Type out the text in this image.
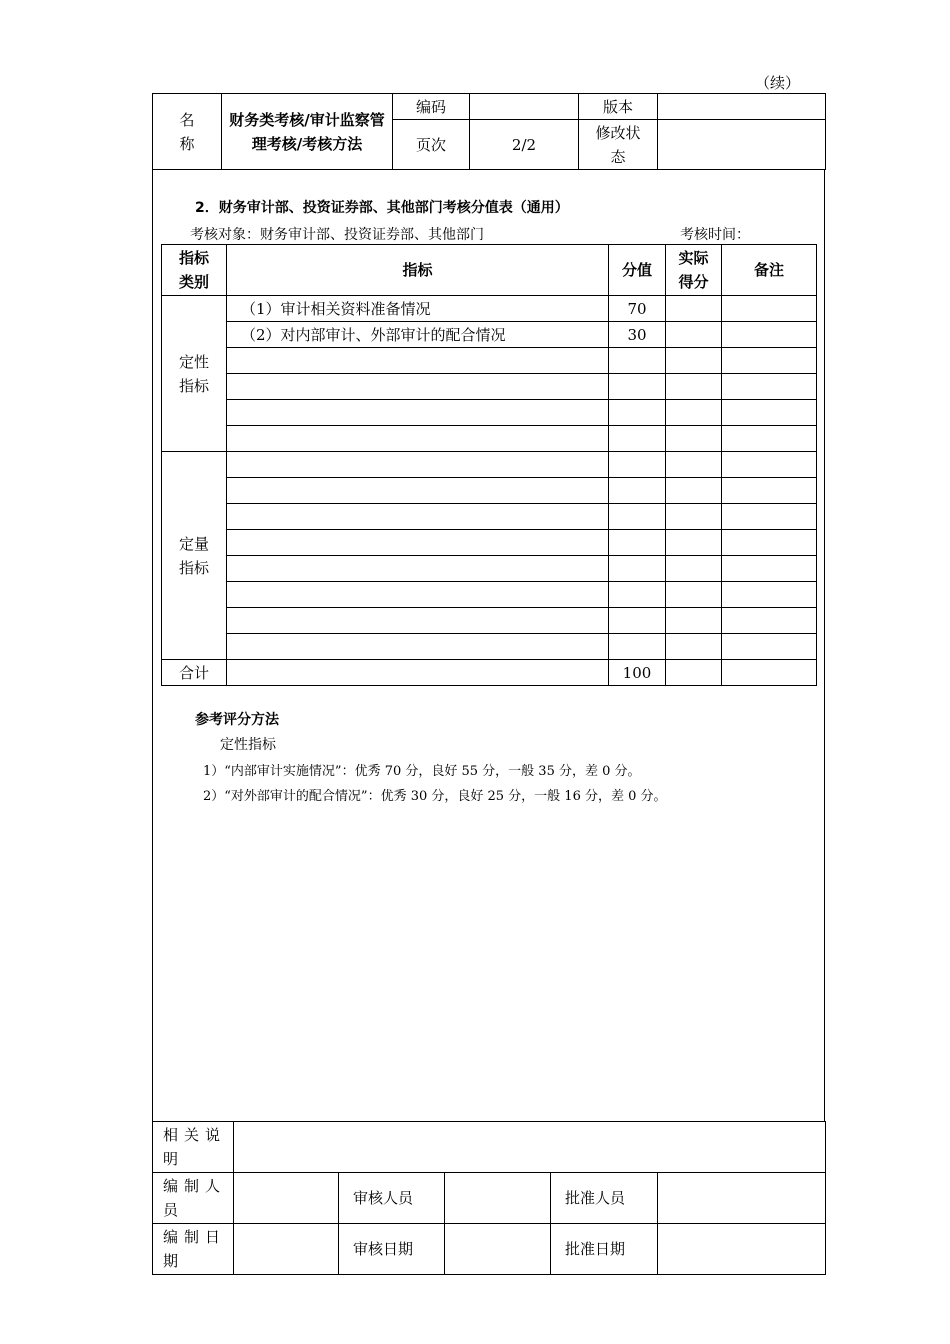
（续）
名
称	财务类考核/审计监察管理考核/考核方法	编码		版本	
		页次	2/2	修改状态	
2．财务审计部、投资证券部、其他部门考核分值表（通用）
考核对象：财务审计部、投资证券部、其他部门	考核时间：
指标类别	指标	分值	实际得分	备注
定性指标	（1）审计相关资料准备情况	70		
	（2）对内部审计、外部审计的配合情况	30		

定量指标				

合计		100		
参考评分方法
定性指标
1）“内部审计实施情况”：优秀 70 分，良好 55 分，一般 35 分，差 0 分。
2）“对外部审计的配合情况”：优秀 30 分，良好 25 分，一般 16 分，差 0 分。
相关说明					
编制人员		审核人员		批准人员	
编制日期		审核日期		批准日期	
